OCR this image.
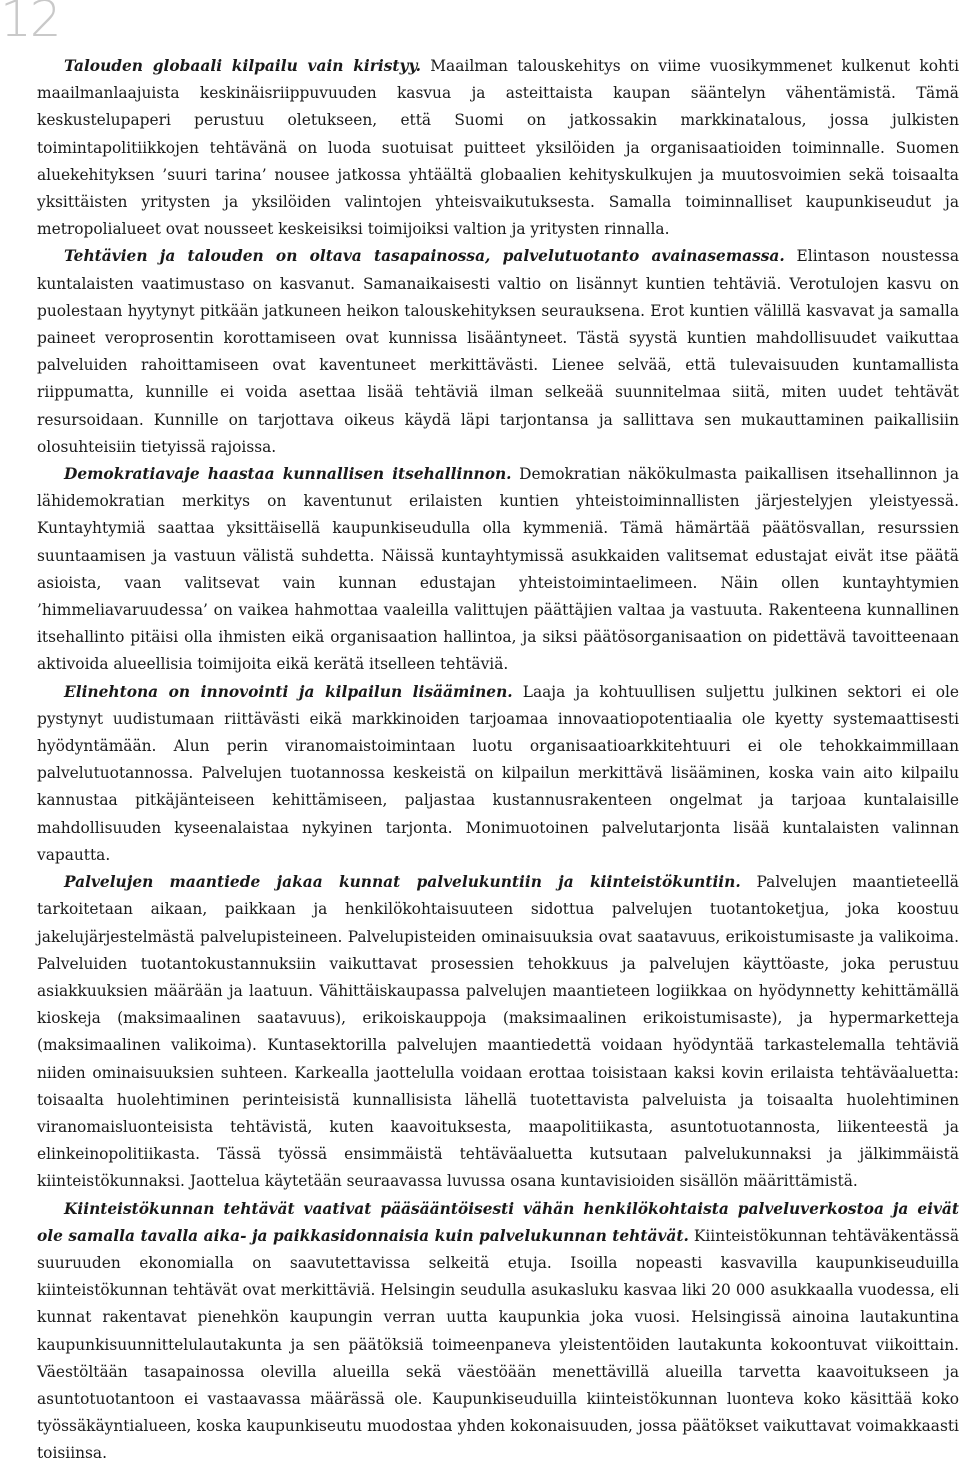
12

Talouden globaali kilpailu vain kiristyy. Maailman talouskehitys on viime vuosikymmenet kulkenut kohti maailmanlaajuista keskinäisriippuvuuden kasvua ja asteittaista kaupan sääntelyn vähentämistä. Tämä keskustelupaperi perustuu oletukseen, että Suomi on jatkossakin markkinatalous, jossa julkisten toimintapolitiikkojen tehtävänä on luoda suotuisat puitteet yksilöiden ja organisaatioiden toiminnalle. Suomen aluekehityksen ’suuri tarina’ nousee jatkossa yhtäältä globaalien kehityskulkujen ja muutosvoimien sekä toisaalta yksittäisten yritysten ja yksilöiden valintojen yhteisvaikutuksesta. Samalla toiminnalliset kaupunkiseudut ja metropolialueet ovat nousseet keskeisiksi toimijoiksi valtion ja yritysten rinnalla.

Tehtävien ja talouden on oltava tasapainossa, palvelutuotanto avainasemassa. Elintason noustessa kuntalaisten vaatimustaso on kasvanut. Samanaikaisesti valtio on lisännyt kuntien tehtäviä. Verotulojen kasvu on puolestaan hyytynyt pitkään jatkuneen heikon talouskehityksen seurauksena. Erot kuntien välillä kasvavat ja samalla paineet veroprosentin korottamiseen ovat kunnissa lisääntyneet. Tästä syystä kuntien mahdollisuudet vaikuttaa palveluiden rahoittamiseen ovat kaventuneet merkittävästi. Lienee selvää, että tulevaisuuden kuntamallista riippumatta, kunnille ei voida asettaa lisää tehtäviä ilman selkeää suunnitelmaa siitä, miten uudet tehtävät resursoidaan. Kunnille on tarjottava oikeus käydä läpi tarjontansa ja sallittava sen mukauttaminen paikallisiin olosuhteisiin tietyissä rajoissa.

Demokratiavaje haastaa kunnallisen itsehallinnon. Demokratian näkökulmasta paikallisen itsehallinnon ja lähidemokratian merkitys on kaventunut erilaisten kuntien yhteistoiminnallisten järjestelyjen yleistyessä. Kuntayhtymiä saattaa yksittäisellä kaupunkiseudulla olla kymmeniä. Tämä hämärtää päätösvallan, resurssien suuntaamisen ja vastuun välistä suhdetta. Näissä kuntayhtymissä asukkaiden valitsemat edustajat eivät itse päätä asioista, vaan valitsevat vain kunnan edustajan yhteistoimintaelimeen. Näin ollen kuntayhtymien ’himmeliavaruudessa’ on vaikea hahmottaa vaaleilla valittujen päättäjien valtaa ja vastuuta. Rakenteena kunnallinen itsehallinto pitäisi olla ihmisten eikä organisaation hallintoa, ja siksi päätösorganisaation on pidettävä tavoitteenaan aktivoida alueellisia toimijoita eikä kerätä itselleen tehtäviä.

Elinehtona on innovointi ja kilpailun lisääminen. Laaja ja kohtuullisen suljettu julkinen sektori ei ole pystynyt uudistumaan riittävästi eikä markkinoiden tarjoamaa innovaatiopotentiaalia ole kyetty systemaattisesti hyödyntämään. Alun perin viranomaistoimintaan luotu organisaatioarkkitehtuuri ei ole tehokkaimmillaan palvelutuotannossa. Palvelujen tuotannossa keskeistä on kilpailun merkittävä lisääminen, koska vain aito kilpailu kannustaa pitkäjänteiseen kehittämiseen, paljastaa kustannusrakenteen ongelmat ja tarjoaa kuntalaisille mahdollisuuden kyseenalaistaa nykyinen tarjonta. Monimuotoinen palvelutarjonta lisää kuntalaisten valinnan vapautta.

Palvelujen maantiede jakaa kunnat palvelukuntiin ja kiinteistökuntiin. Palvelujen maantieteellä tarkoitetaan aikaan, paikkaan ja henkilökohtaisuuteen sidottua palvelujen tuotantoketjua, joka koostuu jakelujärjestelmästä palvelupisteineen. Palvelupisteiden ominaisuuksia ovat saatavuus, erikoistumisaste ja valikoima. Palveluiden tuotantokustannuksiin vaikuttavat prosessien tehokkuus ja palvelujen käyttöaste, joka perustuu asiakkuuksien määrään ja laatuun. Vähittäiskaupassa palvelujen maantieteen logiikkaa on hyödynnetty kehittämällä kioskeja (maksimaalinen saatavuus), erikoiskauppoja (maksimaalinen erikoistumisaste), ja hypermarketteja (maksimaalinen valikoima). Kuntasektorilla palvelujen maantiedettä voidaan hyödyntää tarkastelemalla tehtäviä niiden ominaisuuksien suhteen. Karkealla jaottelulla voidaan erottaa toisistaan kaksi kovin erilaista tehtäväaluetta: toisaalta huolehtiminen perinteisistä kunnallisista lähellä tuotettavista palveluista ja toisaalta huolehtiminen viranomaisluonteisista tehtävistä, kuten kaavoituksesta, maapolitiikasta, asuntotuotannosta, liikenteestä ja elinkeinopolitiikasta. Tässä työssä ensimmäistä tehtäväaluetta kutsutaan palvelukunnaksi ja jälkimmäistä kiinteistökunnaksi. Jaottelua käytetään seuraavassa luvussa osana kuntavisioiden sisällön määrittämistä.

Kiinteistökunnan tehtävät vaativat pääsääntöisesti vähän henkilökohtaista palveluverkostoa ja eivät ole samalla tavalla aika- ja paikkasidonnaisia kuin palvelukunnan tehtävät. Kiinteistökunnan tehtäväkentässä suuruuden ekonomialla on saavutettavissa selkeitä etuja. Isoilla nopeasti kasvavilla kaupunkiseuduilla kiinteistökunnan tehtävät ovat merkittäviä. Helsingin seudulla asukasluku kasvaa liki 20 000 asukkaalla vuodessa, eli kunnat rakentavat pienehkön kaupungin verran uutta kaupunkia joka vuosi. Helsingissä ainoina lautakuntina kaupunkisuunnittelulautakunta ja sen päätöksiä toimeenpaneva yleistentöiden lautakunta kokoontuvat viikoittain. Väestöltään tasapainossa olevilla alueilla sekä väestöään menettävillä alueilla tarvetta kaavoitukseen ja asuntotuotantoon ei vastaavassa määrässä ole. Kaupunkiseuduilla kiinteistökunnan luonteva koko käsittää koko työssäkäyntialueen, koska kaupunkiseutu muodostaa yhden kokonaisuuden, jossa päätökset vaikuttavat voimakkaasti toisiinsa.
